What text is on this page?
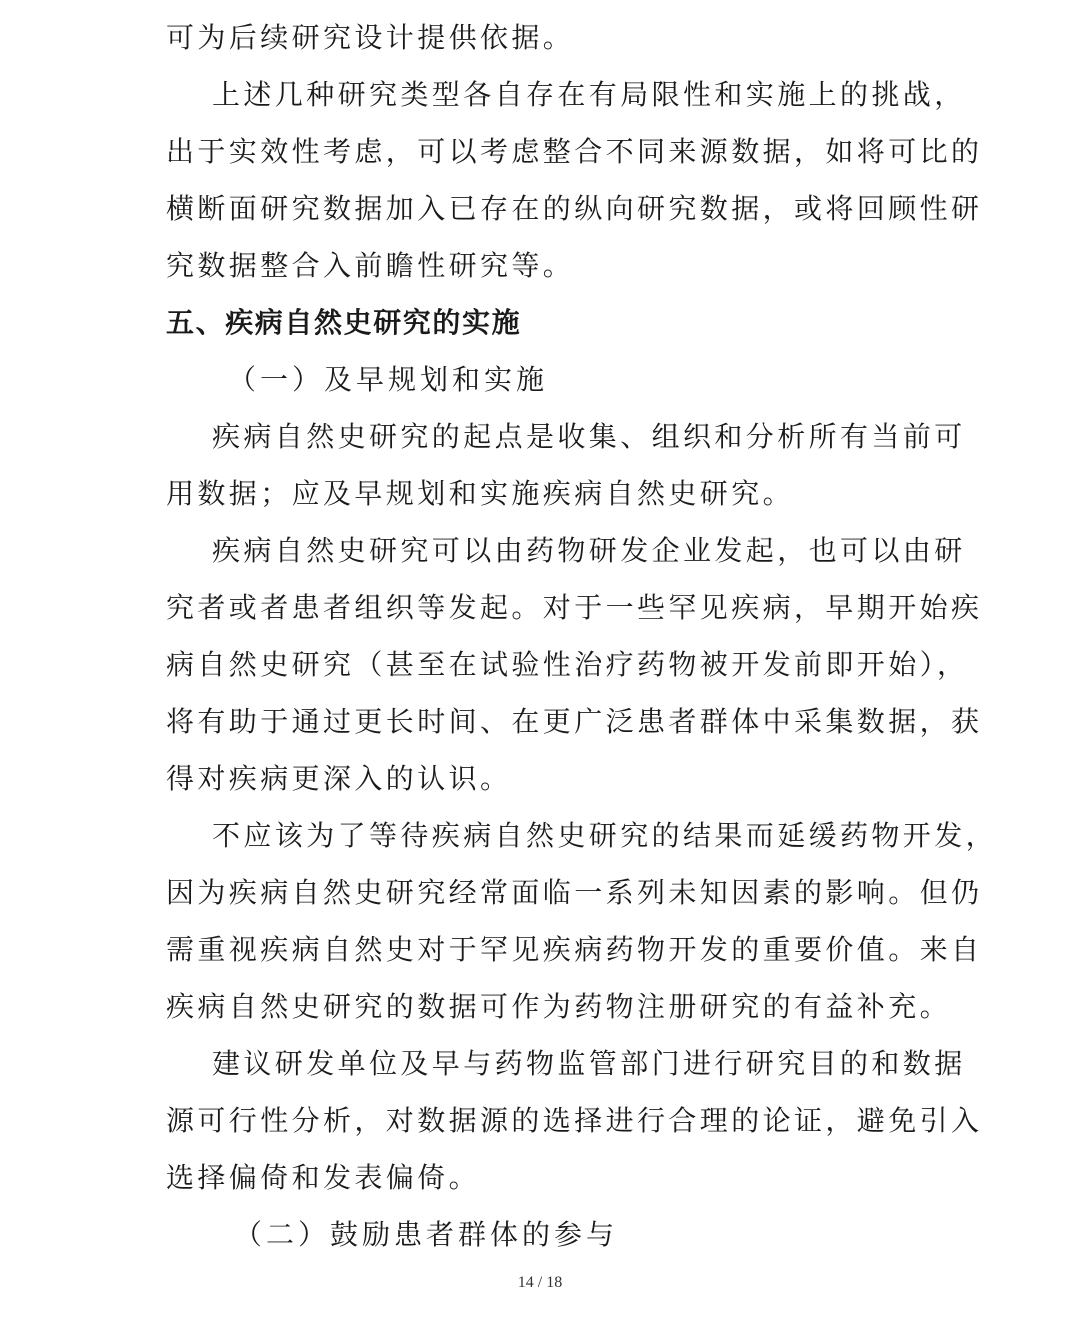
可为后续研究设计提供依据。
上述几种研究类型各自存在有局限性和实施上的挑战，
出于实效性考虑，可以考虑整合不同来源数据，如将可比的
横断面研究数据加入已存在的纵向研究数据，或将回顾性研
究数据整合入前瞻性研究等。
五、疾病自然史研究的实施
（一）及早规划和实施
疾病自然史研究的起点是收集、组织和分析所有当前可
用数据；应及早规划和实施疾病自然史研究。
疾病自然史研究可以由药物研发企业发起，也可以由研
究者或者患者组织等发起。对于一些罕见疾病，早期开始疾
病自然史研究（甚至在试验性治疗药物被开发前即开始），
将有助于通过更长时间、在更广泛患者群体中采集数据，获
得对疾病更深入的认识。
不应该为了等待疾病自然史研究的结果而延缓药物开发，
因为疾病自然史研究经常面临一系列未知因素的影响。但仍
需重视疾病自然史对于罕见疾病药物开发的重要价值。来自
疾病自然史研究的数据可作为药物注册研究的有益补充。
建议研发单位及早与药物监管部门进行研究目的和数据
源可行性分析，对数据源的选择进行合理的论证，避免引入
选择偏倚和发表偏倚。
（二）鼓励患者群体的参与
14 / 18
